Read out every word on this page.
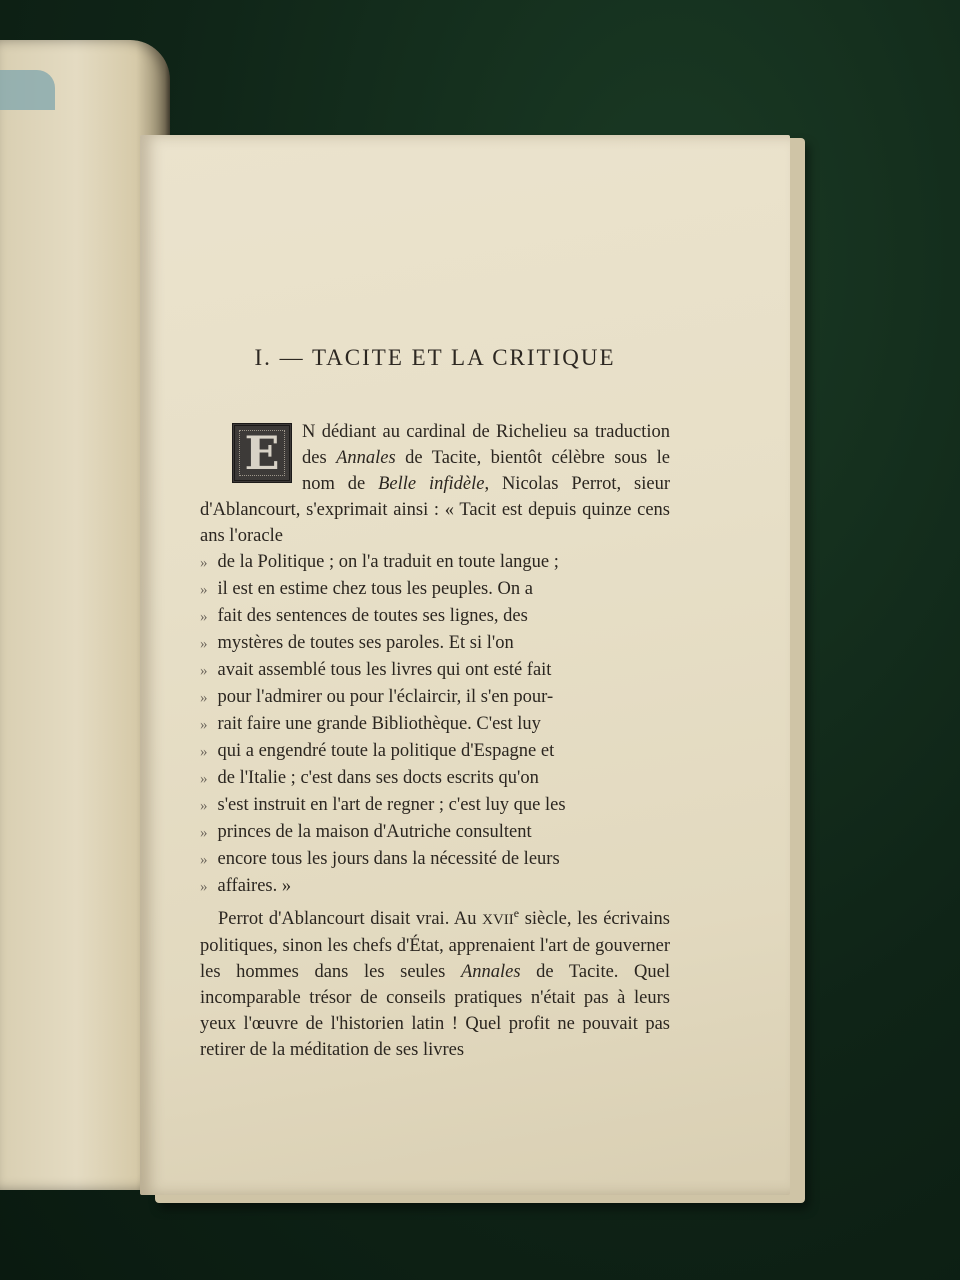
I. — TACITE ET LA CRITIQUE

E	N dédiant au cardinal de Richelieu sa traduction des Annales de Tacite, bientôt célèbre sous le nom de Belle infidèle, Nicolas Perrot, sieur d'Ablancourt, s'exprimait ainsi : « Tacit est depuis quinze cens ans l'oracle

» de la Politique ; on l'a traduit en toute langue ;
» il est en estime chez tous les peuples. On a
» fait des sentences de toutes ses lignes, des
» mystères de toutes ses paroles. Et si l'on
» avait assemblé tous les livres qui ont esté fait
» pour l'admirer ou pour l'éclaircir, il s'en pour-
» rait faire une grande Bibliothèque. C'est luy
» qui a engendré toute la politique d'Espagne et
» de l'Italie ; c'est dans ses docts escrits qu'on
» s'est instruit en l'art de regner ; c'est luy que les
» princes de la maison d'Autriche consultent
» encore tous les jours dans la nécessité de leurs
» affaires. »

Perrot d'Ablancourt disait vrai. Au XVIIe siècle, les écrivains politiques, sinon les chefs d'État, apprenaient l'art de gouverner les hommes dans les seules Annales de Tacite. Quel incomparable trésor de conseils pratiques n'était pas à leurs yeux l'œuvre de l'historien latin ! Quel profit ne pouvait pas retirer de la méditation de ses livres
